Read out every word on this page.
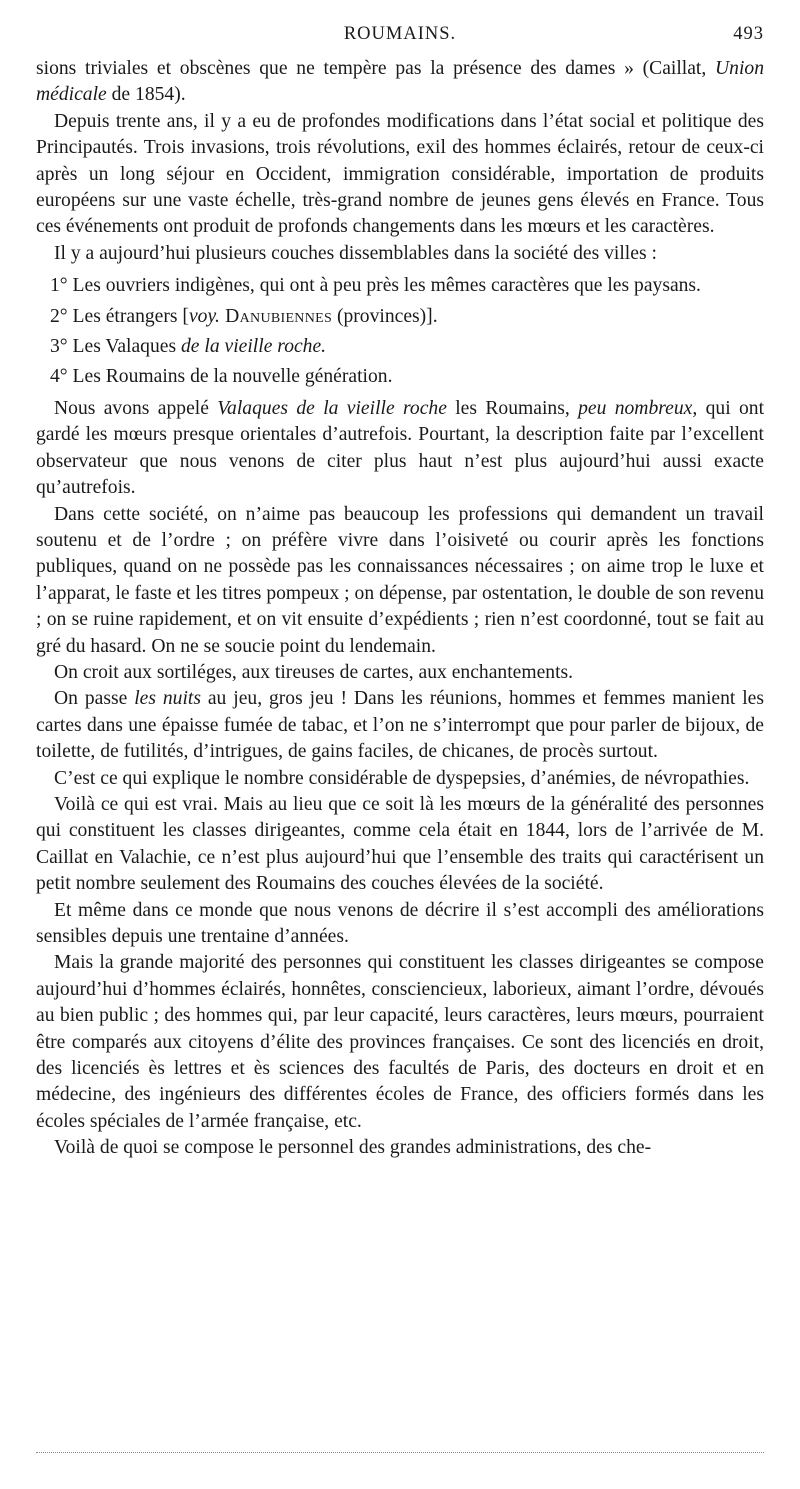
ROUMAINS.	493

sions triviales et obscènes que ne tempère pas la présence des dames » (Caillat, Union médicale de 1854).

Depuis trente ans, il y a eu de profondes modifications dans l’état social et politique des Principautés. Trois invasions, trois révolutions, exil des hommes éclairés, retour de ceux-ci après un long séjour en Occident, immigration considérable, importation de produits européens sur une vaste échelle, très-grand nombre de jeunes gens élevés en France. Tous ces événements ont produit de profonds changements dans les mœurs et les caractères.

Il y a aujourd’hui plusieurs couches dissemblables dans la société des villes :

1° Les ouvriers indigènes, qui ont à peu près les mêmes caractères que les paysans.

2° Les étrangers [voy. Danubiennes (provinces)].

3° Les Valaques de la vieille roche.

4° Les Roumains de la nouvelle génération.

Nous avons appelé Valaques de la vieille roche les Roumains, peu nombreux, qui ont gardé les mœurs presque orientales d’autrefois. Pourtant, la description faite par l’excellent observateur que nous venons de citer plus haut n’est plus aujourd’hui aussi exacte qu’autrefois.

Dans cette société, on n’aime pas beaucoup les professions qui demandent un travail soutenu et de l’ordre ; on préfère vivre dans l’oisiveté ou courir après les fonctions publiques, quand on ne possède pas les connaissances nécessaires ; on aime trop le luxe et l’apparat, le faste et les titres pompeux ; on dépense, par ostentation, le double de son revenu ; on se ruine rapidement, et on vit ensuite d’expédients ; rien n’est coordonné, tout se fait au gré du hasard. On ne se soucie point du lendemain.

On croit aux sortiléges, aux tireuses de cartes, aux enchantements.

On passe les nuits au jeu, gros jeu ! Dans les réunions, hommes et femmes manient les cartes dans une épaisse fumée de tabac, et l’on ne s’interrompt que pour parler de bijoux, de toilette, de futilités, d’intrigues, de gains faciles, de chicanes, de procès surtout.

C’est ce qui explique le nombre considérable de dyspepsies, d’anémies, de névropathies.

Voilà ce qui est vrai. Mais au lieu que ce soit là les mœurs de la généralité des personnes qui constituent les classes dirigeantes, comme cela était en 1844, lors de l’arrivée de M. Caillat en Valachie, ce n’est plus aujourd’hui que l’ensemble des traits qui caractérisent un petit nombre seulement des Roumains des couches élevées de la société.

Et même dans ce monde que nous venons de décrire il s’est accompli des améliorations sensibles depuis une trentaine d’années.

Mais la grande majorité des personnes qui constituent les classes dirigeantes se compose aujourd’hui d’hommes éclairés, honnêtes, consciencieux, laborieux, aimant l’ordre, dévoués au bien public ; des hommes qui, par leur capacité, leurs caractères, leurs mœurs, pourraient être comparés aux citoyens d’élite des provinces françaises. Ce sont des licenciés en droit, des licenciés ès lettres et ès sciences des facultés de Paris, des docteurs en droit et en médecine, des ingénieurs des différentes écoles de France, des officiers formés dans les écoles spéciales de l’armée française, etc.

Voilà de quoi se compose le personnel des grandes administrations, des che-
